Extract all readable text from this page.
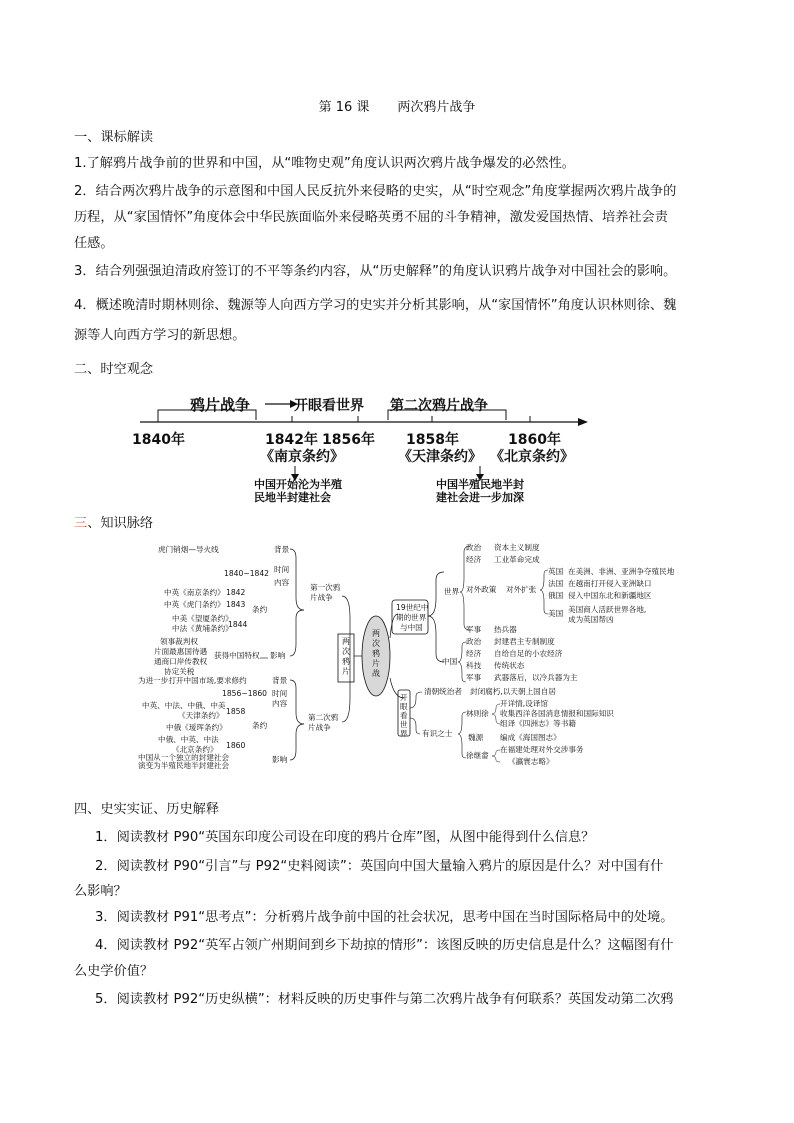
第 16 课 两次鸦片战争
一、课标解读
1.了解鸦片战争前的世界和中国，从“唯物史观”角度认识两次鸦片战争爆发的必然性。
2．结合两次鸦片战争的示意图和中国人民反抗外来侵略的史实，从“时空观念”角度掌握两次鸦片战争的
历程，从“家国情怀”角度体会中华民族面临外来侵略英勇不屈的斗争精神，激发爱国热情、培养社会责
任感。
3．结合列强强迫清政府签订的不平等条约内容，从“历史解释”的角度认识鸦片战争对中国社会的影响。
4．概述晚清时期林则徐、魏源等人向西方学习的史实并分析其影响，从“家国情怀”角度认识林则徐、魏
源等人向西方学习的新思想。
二、时空观念
鸦片战争	开眼看世界 第二次鸦片战争
1840年	1842年 1856年 1858年	1860年
《南京条约》	《天津条约》 《北京条约》
中国开始沦为半殖
民地半封建社会
中国半殖民地半封
建社会进一步加深
三、知识脉络
虎门销烟—导火线	背景
1840~1842 时间
内容
中英《南京条约》 1842
中英《虎门条约》 1843
中美《望厦条约》
中法《黄埔条约》
1844
条约
领事裁判权
片面最惠国待遇
通商口岸传教权
协定关税
获得中国特权 影响
第一次鸦
片战争
为进一步打开中国市场,要求修约	背景
1856~1860 时间
内容
中英、中法、中俄、中美
《天津条约》 1858
中俄《瑷珲条约》
中俄、中英、中法
《北京条约》 1860
条约
中国从一个独立的封建社会
演变为半殖民地半封建社会
影响
第二次鸦
片战争
两
次
鸦
片
两
次
鸦
片
战
19世纪中
期的世界
与中国
世界
中国
政治 资本主义制度
经济 工业革命完成
对外政策 对外扩张
英国 在美洲、非洲、亚洲争夺殖民地
法国 在越南打开侵入亚洲缺口
俄国 侵入中国东北和新疆地区
美国 美国商人活跃世界各地,
成为英国帮凶
军事 热兵器
政治 封建君主专制制度
经济 自给自足的小农经济
科技 传统状态
军事 武器落后，以冷兵器为主
开
眼
看
世
界
清朝统治者 封闭腐朽,以天朝上国自居
有识之士
林则徐
开详情,设译馆
收集西洋各国消息情报和国际知识
组译《四洲志》等书籍
魏源 编成《海国图志》
徐继畲
在福建处理对外交涉事务
《瀛寰志略》
四、史实实证、历史解释
1．阅读教材 P90“英国东印度公司设在印度的鸦片仓库”图，从图中能得到什么信息？
2．阅读教材 P90“引言”与 P92“史料阅读”：英国向中国大量输入鸦片的原因是什么？对中国有什
么影响？
3．阅读教材 P91“思考点”：分析鸦片战争前中国的社会状况，思考中国在当时国际格局中的处境。
4．阅读教材 P92“英军占领广州期间到乡下劫掠的情形”：该图反映的历史信息是什么？这幅图有什
么史学价值？
5．阅读教材 P92“历史纵横”：材料反映的历史事件与第二次鸦片战争有何联系？英国发动第二次鸦
